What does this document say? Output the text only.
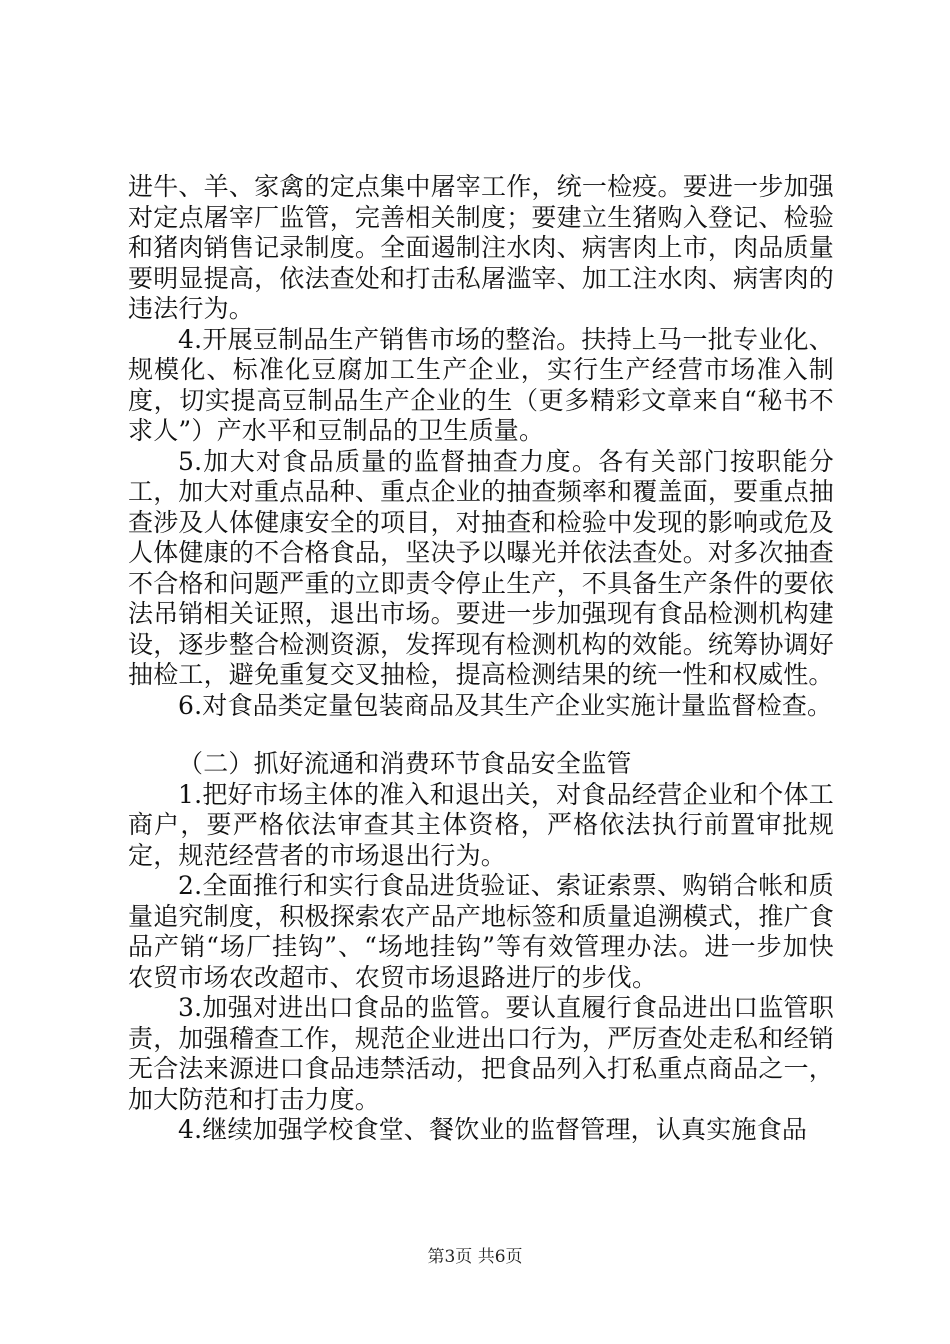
进牛、羊、家禽的定点集中屠宰工作，统一检疫。要进一步加强对定点屠宰厂监管，完善相关制度；要建立生猪购入登记、检验和猪肉销售记录制度。全面遏制注水肉、病害肉上市，肉品质量要明显提高，依法查处和打击私屠滥宰、加工注水肉、病害肉的违法行为。

4.开展豆制品生产销售市场的整治。扶持上马一批专业化、规模化、标准化豆腐加工生产企业，实行生产经营市场准入制度，切实提高豆制品生产企业的生（更多精彩文章来自“秘书不求人”）产水平和豆制品的卫生质量。

5.加大对食品质量的监督抽查力度。各有关部门按职能分工，加大对重点品种、重点企业的抽查频率和覆盖面，要重点抽查涉及人体健康安全的项目，对抽查和检验中发现的影响或危及人体健康的不合格食品，坚决予以曝光并依法查处。对多次抽查不合格和问题严重的立即责令停止生产，不具备生产条件的要依法吊销相关证照，退出市场。要进一步加强现有食品检测机构建设，逐步整合检测资源，发挥现有检测机构的效能。统筹协调好抽检工，避免重复交叉抽检，提高检测结果的统一性和权威性。

6.对食品类定量包装商品及其生产企业实施计量监督检查。

（二）抓好流通和消费环节食品安全监管

1.把好市场主体的准入和退出关，对食品经营企业和个体工商户，要严格依法审查其主体资格，严格依法执行前置审批规定，规范经营者的市场退出行为。

2.全面推行和实行食品进货验证、索证索票、购销合帐和质量追究制度，积极探索农产品产地标签和质量追溯模式，推广食品产销“场厂挂钩”、“场地挂钩”等有效管理办法。进一步加快农贸市场农改超市、农贸市场退路进厅的步伐。

3.加强对进出口食品的监管。要认直履行食品进出口监管职责，加强稽查工作，规范企业进出口行为，严厉查处走私和经销无合法来源进口食品违禁活动，把食品列入打私重点商品之一，加大防范和打击力度。

4.继续加强学校食堂、餐饮业的监督管理，认真实施食品

第3页 共6页
